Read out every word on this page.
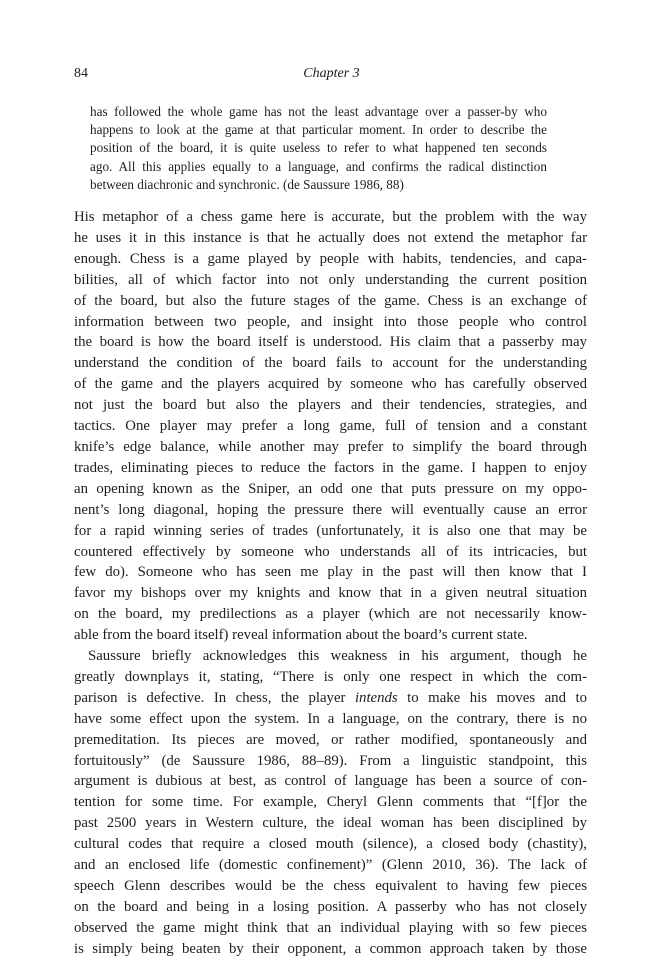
84	Chapter 3
has followed the whole game has not the least advantage over a passer-by who
happens to look at the game at that particular moment. In order to describe the
position of the board, it is quite useless to refer to what happened ten seconds
ago. All this applies equally to a language, and confirms the radical distinction
between diachronic and synchronic. (de Saussure 1986, 88)
His metaphor of a chess game here is accurate, but the problem with the way
he uses it in this instance is that he actually does not extend the metaphor far
enough. Chess is a game played by people with habits, tendencies, and capa-
bilities, all of which factor into not only understanding the current position
of the board, but also the future stages of the game. Chess is an exchange of
information between two people, and insight into those people who control
the board is how the board itself is understood. His claim that a passerby may
understand the condition of the board fails to account for the understanding
of the game and the players acquired by someone who has carefully observed
not just the board but also the players and their tendencies, strategies, and
tactics. One player may prefer a long game, full of tension and a constant
knife’s edge balance, while another may prefer to simplify the board through
trades, eliminating pieces to reduce the factors in the game. I happen to enjoy
an opening known as the Sniper, an odd one that puts pressure on my oppo-
nent’s long diagonal, hoping the pressure there will eventually cause an error
for a rapid winning series of trades (unfortunately, it is also one that may be
countered effectively by someone who understands all of its intricacies, but
few do). Someone who has seen me play in the past will then know that I
favor my bishops over my knights and know that in a given neutral situation
on the board, my predilections as a player (which are not necessarily know-
able from the board itself) reveal information about the board’s current state.
Saussure briefly acknowledges this weakness in his argument, though he
greatly downplays it, stating, “There is only one respect in which the com-
parison is defective. In chess, the player intends to make his moves and to
have some effect upon the system. In a language, on the contrary, there is no
premeditation. Its pieces are moved, or rather modified, spontaneously and
fortuitously” (de Saussure 1986, 88–89). From a linguistic standpoint, this
argument is dubious at best, as control of language has been a source of con-
tention for some time. For example, Cheryl Glenn comments that “[f]or the
past 2500 years in Western culture, the ideal woman has been disciplined by
cultural codes that require a closed mouth (silence), a closed body (chastity),
and an enclosed life (domestic confinement)” (Glenn 2010, 36). The lack of
speech Glenn describes would be the chess equivalent to having few pieces
on the board and being in a losing position. A passerby who has not closely
observed the game might think that an individual playing with so few pieces
is simply being beaten by their opponent, a common approach taken by those
